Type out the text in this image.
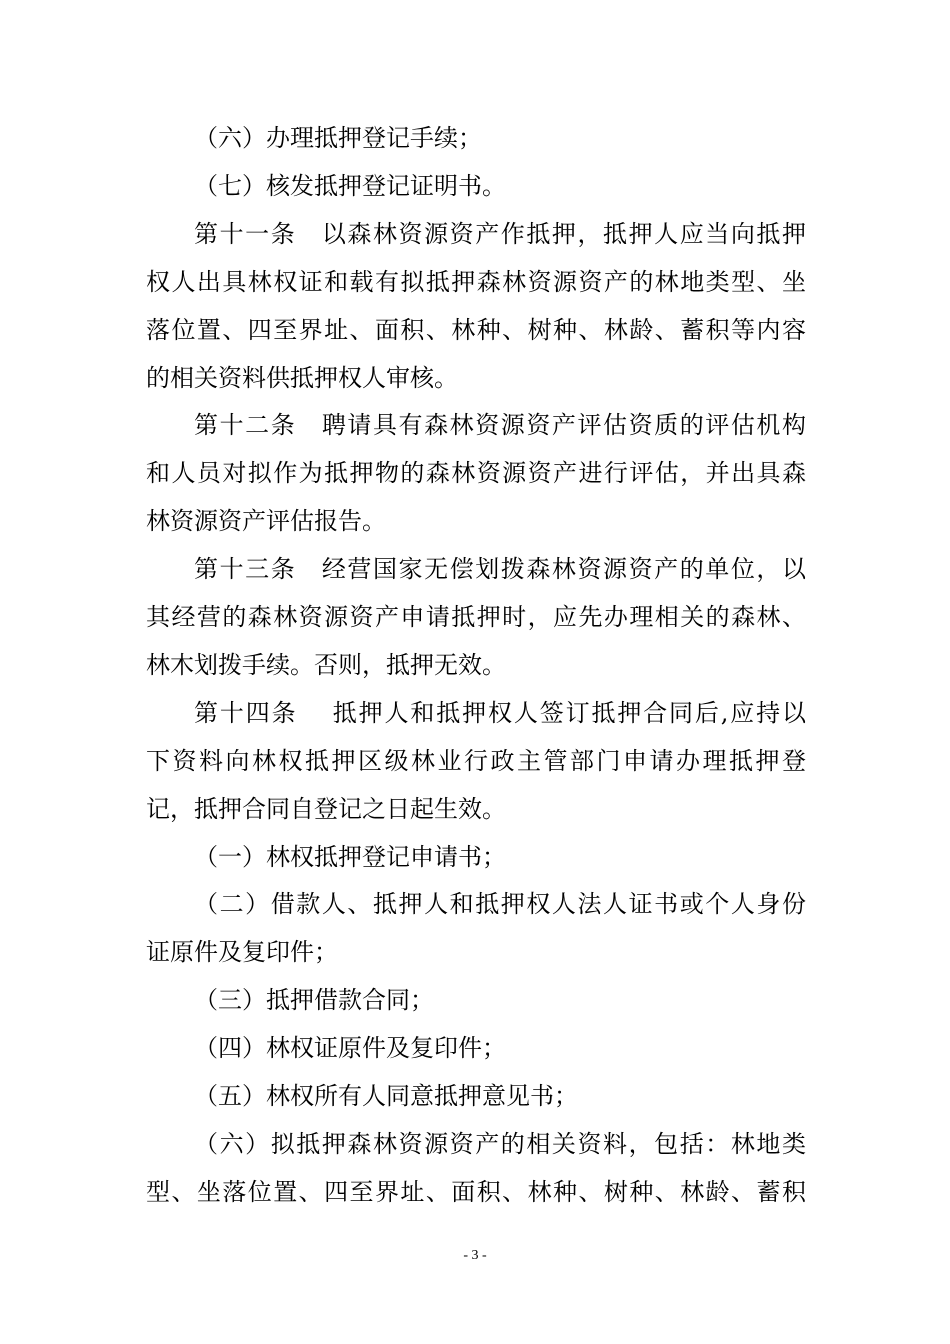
（六）办理抵押登记手续；
（七）核发抵押登记证明书。
第十一条　以森林资源资产作抵押，抵押人应当向抵押
权人出具林权证和载有拟抵押森林资源资产的林地类型、坐
落位置、四至界址、面积、林种、树种、林龄、蓄积等内容
的相关资料供抵押权人审核。
第十二条　聘请具有森林资源资产评估资质的评估机构
和人员对拟作为抵押物的森林资源资产进行评估，并出具森
林资源资产评估报告。
第十三条　经营国家无偿划拨森林资源资产的单位，以
其经营的森林资源资产申请抵押时，应先办理相关的森林、
林木划拨手续。否则，抵押无效。
第十四条　 抵押人和抵押权人签订抵押合同后,应持以
下资料向林权抵押区级林业行政主管部门申请办理抵押登
记，抵押合同自登记之日起生效。
（一）林权抵押登记申请书；
（二）借款人、抵押人和抵押权人法人证书或个人身份
证原件及复印件；
（三）抵押借款合同；
（四）林权证原件及复印件；
（五）林权所有人同意抵押意见书；
（六）拟抵押森林资源资产的相关资料，包括：林地类
型、坐落位置、四至界址、面积、林种、树种、林龄、蓄积
- 3 -
